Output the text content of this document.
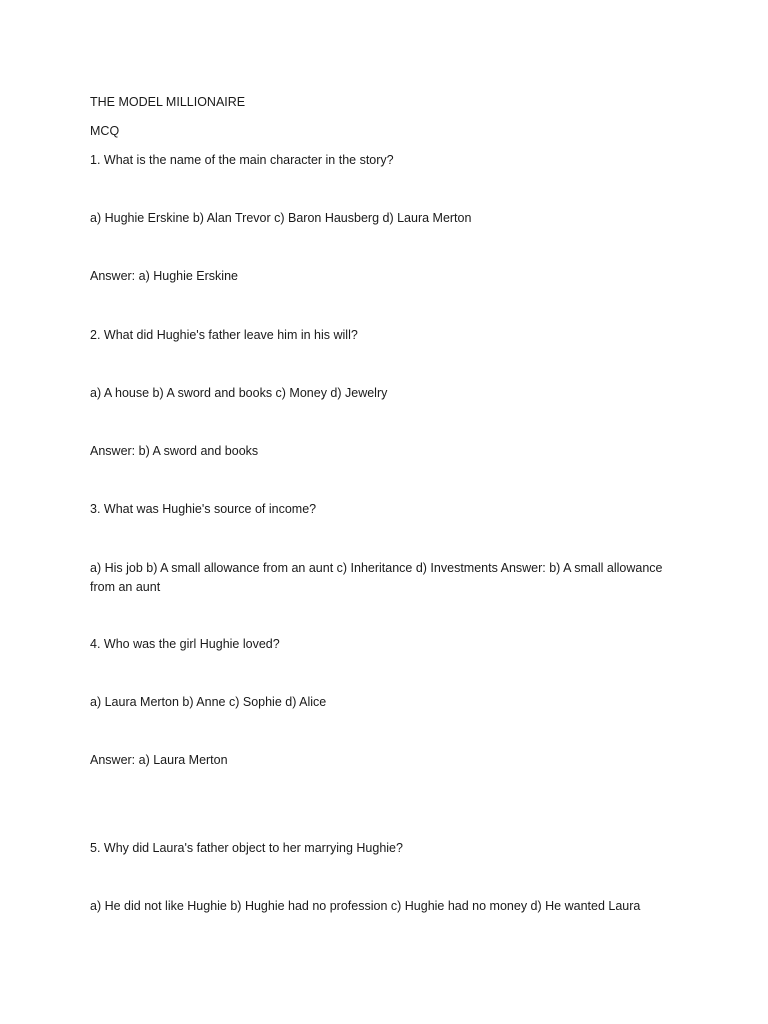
THE MODEL MILLIONAIRE
MCQ
1. What is the name of the main character in the story?
a) Hughie Erskine b) Alan Trevor c) Baron Hausberg d) Laura Merton
Answer: a) Hughie Erskine
2. What did Hughie's father leave him in his will?
a) A house b) A sword and books c) Money d) Jewelry
Answer: b) A sword and books
3. What was Hughie's source of income?
a) His job b) A small allowance from an aunt c) Inheritance d) Investments Answer: b) A small allowance from an aunt
4. Who was the girl Hughie loved?
a) Laura Merton b) Anne c) Sophie d) Alice
Answer: a) Laura Merton
5. Why did Laura's father object to her marrying Hughie?
a) He did not like Hughie b) Hughie had no profession c) Hughie had no money d) He wanted Laura
